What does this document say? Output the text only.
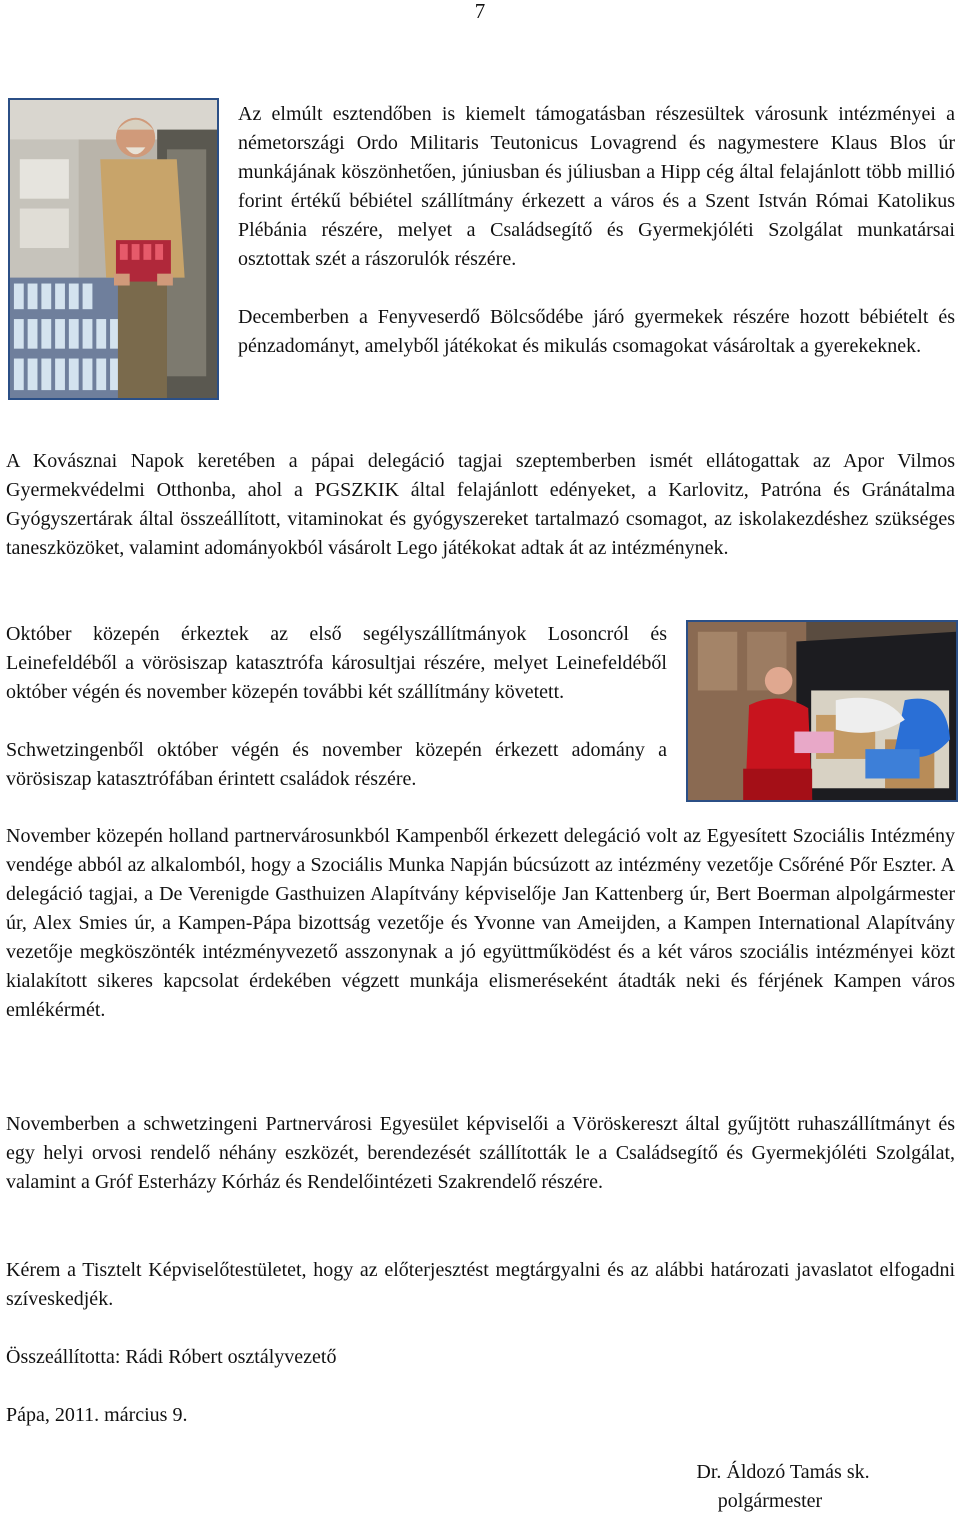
7

Az elmúlt esztendőben is kiemelt támogatásban részesültek városunk intézményei a németországi Ordo Militaris Teutonicus Lovagrend és nagymestere Klaus Blos úr munkájának köszönhetően, júniusban és júliusban a Hipp cég által felajánlott több millió forint értékű bébiétel szállítmány érkezett a város és a Szent István Római Katolikus Plébánia részére, melyet a Családsegítő és Gyermekjóléti Szolgálat munkatársai osztottak szét a rászorulók részére.

Decemberben a Fenyveserdő Bölcsődébe járó gyermekek részére hozott bébiételt és pénzadományt, amelyből játékokat és mikulás csomagokat vásároltak a gyerekeknek.

A Kovásznai Napok keretében a pápai delegáció tagjai szeptemberben ismét ellátogattak az Apor Vilmos Gyermekvédelmi Otthonba, ahol a PGSZKIK által felajánlott edényeket, a Karlovitz, Patróna és Gránátalma Gyógyszertárak által összeállított, vitaminokat és gyógyszereket tartalmazó csomagot, az iskolakezdéshez szükséges taneszközöket, valamint adományokból vásárolt Lego játékokat adtak át az intézménynek.

Október közepén érkeztek az első segélyszállítmányok Losoncról és Leinefeldéből a vörösiszap katasztrófa károsultjai részére, melyet Leinefeldéből október végén és november közepén további két szállítmány követett.

Schwetzingenből október végén és november közepén érkezett adomány a vörösiszap katasztrófában érintett családok részére.

November közepén holland partnervárosunkból Kampenből érkezett delegáció volt az Egyesített Szociális Intézmény vendége abból az alkalomból, hogy a Szociális Munka Napján búcsúzott az intézmény vezetője Csőréné Pőr Eszter. A delegáció tagjai, a De Verenigde Gasthuizen Alapítvány képviselője Jan Kattenberg úr, Bert Boerman alpolgármester úr, Alex Smies úr, a Kampen-Pápa bizottság vezetője és Yvonne van Ameijden, a Kampen International Alapítvány vezetője megköszönték intézményvezető asszonynak a jó együttműködést és a két város szociális intézményei közt kialakított sikeres kapcsolat érdekében végzett munkája elismeréseként átadták neki és férjének Kampen város emlékérmét.

Novemberben a schwetzingeni Partnervárosi Egyesület képviselői a Vöröskereszt által gyűjtött ruhaszállítmányt és egy helyi orvosi rendelő néhány eszközét, berendezését szállították le a Családsegítő és Gyermekjóléti Szolgálat, valamint a Gróf Esterházy Kórház és Rendelőintézeti Szakrendelő részére.

Kérem a Tisztelt Képviselőtestületet, hogy az előterjesztést megtárgyalni és az alábbi határozati javaslatot elfogadni szíveskedjék.

Összeállította: Rádi Róbert osztályvezető

Pápa, 2011. március 9.

Dr. Áldozó Tamás sk.
polgármester
